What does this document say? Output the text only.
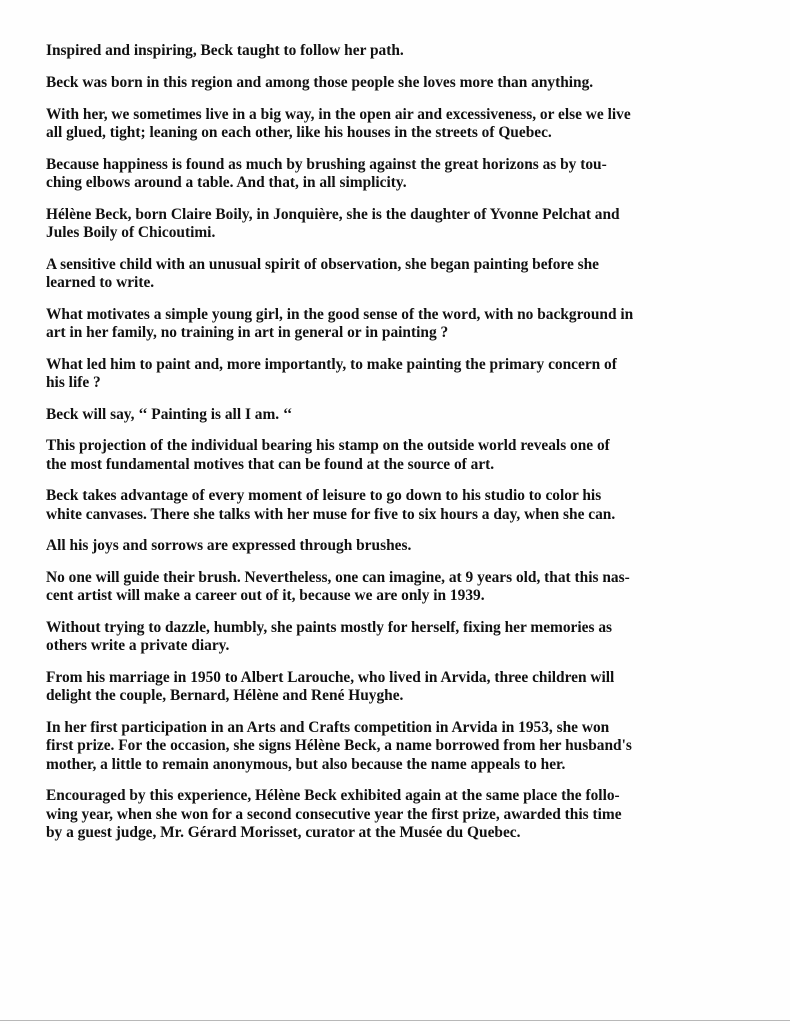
Inspired and inspiring, Beck taught to follow her path.

Beck was born in this region and among those people she loves more than anything.

With her, we sometimes live in a big way, in the open air and excessiveness, or else we live
all glued, tight; leaning on each other, like his houses in the streets of Quebec.

Because happiness is found as much by brushing against the great horizons as by tou-
ching elbows around a table. And that, in all simplicity.

Hélène Beck, born Claire Boily, in Jonquière, she is the daughter of Yvonne Pelchat and
Jules Boily of Chicoutimi.

A sensitive child with an unusual spirit of observation, she began painting before she
learned to write.

What motivates a simple young girl, in the good sense of the word, with no background in
art in her family, no training in art in general or in painting ?

What led him to paint and, more importantly, to make painting the primary concern of
his life ?

Beck will say, ‘‘ Painting is all I am. ‘‘

This projection of the individual bearing his stamp on the outside world reveals one of
the most fundamental motives that can be found at the source of art.

Beck takes advantage of every moment of leisure to go down to his studio to color his
white canvases. There she talks with her muse for five to six hours a day, when she can.

All his joys and sorrows are expressed through brushes.

No one will guide their brush. Nevertheless, one can imagine, at 9 years old, that this nas-
cent artist will make a career out of it, because we are only in 1939.

Without trying to dazzle, humbly, she paints mostly for herself, fixing her memories as
others write a private diary.

From his marriage in 1950 to Albert Larouche, who lived in Arvida, three children will
delight the couple, Bernard, Hélène and René Huyghe.

In her first participation in an Arts and Crafts competition in Arvida in 1953, she won
first prize. For the occasion, she signs Hélène Beck, a name borrowed from her husband's
mother, a little to remain anonymous, but also because the name appeals to her.

Encouraged by this experience, Hélène Beck exhibited again at the same place the follo-
wing year, when she won for a second consecutive year the first prize, awarded this time
by a guest judge, Mr. Gérard Morisset, curator at the Musée du Quebec.
